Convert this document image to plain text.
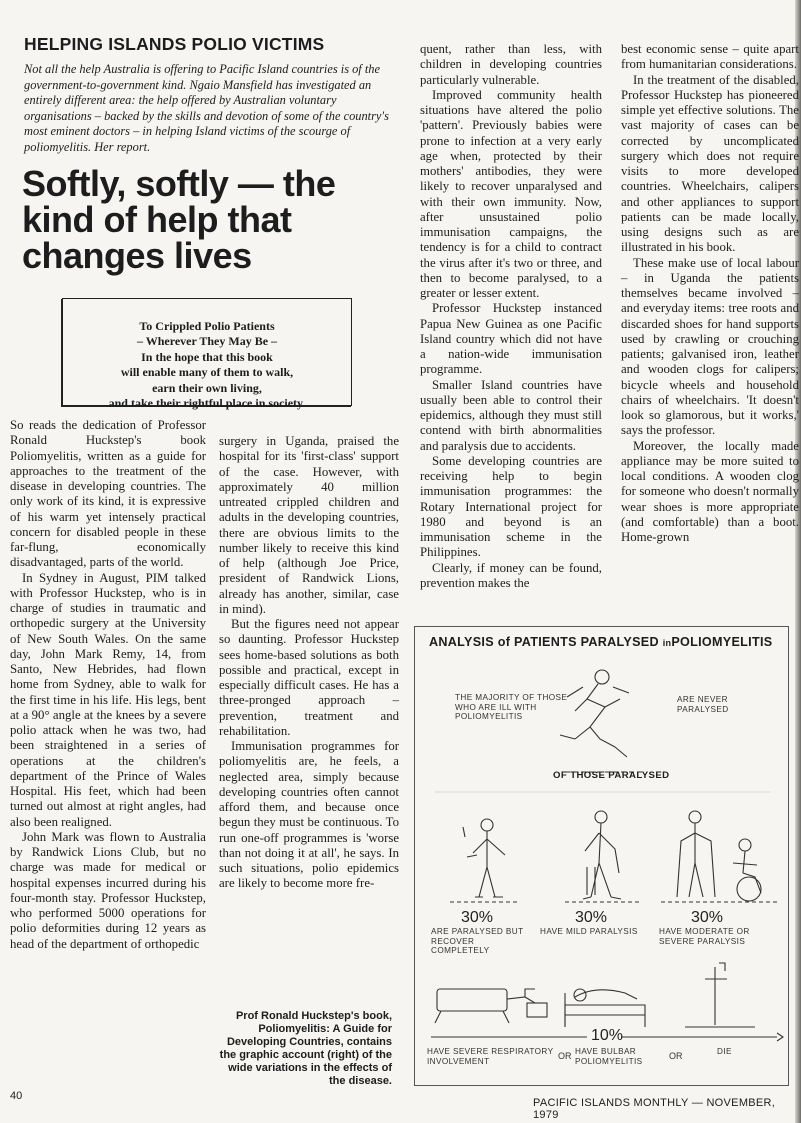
HELPING ISLANDS POLIO VICTIMS
Not all the help Australia is offering to Pacific Island countries is of the government-to-government kind. Ngaio Mansfield has investigated an entirely different area: the help offered by Australian voluntary organisations – backed by the skills and devotion of some of the country's most eminent doctors – in helping Island victims of the scourge of poliomyelitis. Her report.
Softly, softly — the kind of help that changes lives
To Crippled Polio Patients
– Wherever They May Be –
In the hope that this book
will enable many of them to walk,
earn their own living,
and take their rightful place in society.

So reads the dedication of Professor Ronald Huckstep's book Poliomyelitis, written as a guide for approaches to the treatment of the disease in developing countries. The only work of its kind, it is expressive of his warm yet intensely practical concern for disabled people in these far-flung, economically disadvantaged, parts of the world.

In Sydney in August, PIM talked with Professor Huckstep, who is in charge of studies in traumatic and orthopedic surgery at the University of New South Wales. On the same day, John Mark Remy, 14, from Santo, New Hebrides, had flown home from Sydney, able to walk for the first time in his life. His legs, bent at a 90° angle at the knees by a severe polio attack when he was two, had been straightened in a series of operations at the children's department of the Prince of Wales Hospital. His feet, which had been turned out almost at right angles, had also been realigned.

John Mark was flown to Australia by Randwick Lions Club, but no charge was made for medical or hospital expenses incurred during his four-month stay. Professor Huckstep, who performed 5000 operations for polio deformities during 12 years as head of the department of orthopedic

surgery in Uganda, praised the hospital for its 'first-class' support of the case. However, with approximately 40 million untreated crippled children and adults in the developing countries, there are obvious limits to the number likely to receive this kind of help (although Joe Price, president of Randwick Lions, already has another, similar, case in mind).

But the figures need not appear so daunting. Professor Huckstep sees home-based solutions as both possible and practical, except in especially difficult cases. He has a three-pronged approach – prevention, treatment and rehabilitation.

Immunisation programmes for poliomyelitis are, he feels, a neglected area, simply because developing countries often cannot afford them, and because once begun they must be continuous. To run one-off programmes is 'worse than not doing it at all', he says. In such situations, polio epidemics are likely to become more fre-

Prof Ronald Huckstep's book, Poliomyelitis: A Guide for Developing Countries, contains the graphic account (right) of the wide variations in the effects of the disease.

quent, rather than less, with children in developing countries particularly vulnerable.

Improved community health situations have altered the polio 'pattern'. Previously babies were prone to infection at a very early age when, protected by their mothers' antibodies, they were likely to recover unparalysed and with their own immunity. Now, after unsustained polio immunisation campaigns, the tendency is for a child to contract the virus after it's two or three, and then to become paralysed, to a greater or lesser extent.

Professor Huckstep instanced Papua New Guinea as one Pacific Island country which did not have a nation-wide immunisation programme.

Smaller Island countries have usually been able to control their epidemics, although they must still contend with birth abnormalities and paralysis due to accidents.

Some developing countries are receiving help to begin immunisation programmes: the Rotary International project for 1980 and beyond is an immunisation scheme in the Philippines.

Clearly, if money can be found, prevention makes the

best economic sense – quite apart from humanitarian considerations.

In the treatment of the disabled, Professor Huckstep has pioneered simple yet effective solutions. The vast majority of cases can be corrected by uncomplicated surgery which does not require visits to more developed countries. Wheelchairs, calipers and other appliances to support patients can be made locally, using designs such as are illustrated in his book.

These make use of local labour – in Uganda the patients themselves became involved – and everyday items: tree roots and discarded shoes for hand supports used by crawling or crouching patients; galvanised iron, leather and wooden clogs for calipers; bicycle wheels and household chairs of wheelchairs. 'It doesn't look so glamorous, but it works,' says the professor.

Moreover, the locally made appliance may be more suited to local conditions. A wooden clog for someone who doesn't normally wear shoes is more appropriate (and comfortable) than a boot. Home-grown

ANALYSIS of PATIENTS PARALYSED inPOLIOMYELITIS
THE MAJORITY OF THOSE WHO ARE ILL WITH POLIOMYELITIS
ARE NEVER PARALYSED
OF THOSE PARALYSED
30%
ARE PARALYSED BUT RECOVER COMPLETELY
30%
HAVE MILD PARALYSIS
30%
HAVE MODERATE OR SEVERE PARALYSIS
10%
HAVE SEVERE RESPIRATORY INVOLVEMENT
OR HAVE BULBAR POLIOMYELITIS
OR	DIE
40
PACIFIC ISLANDS MONTHLY — NOVEMBER, 1979
